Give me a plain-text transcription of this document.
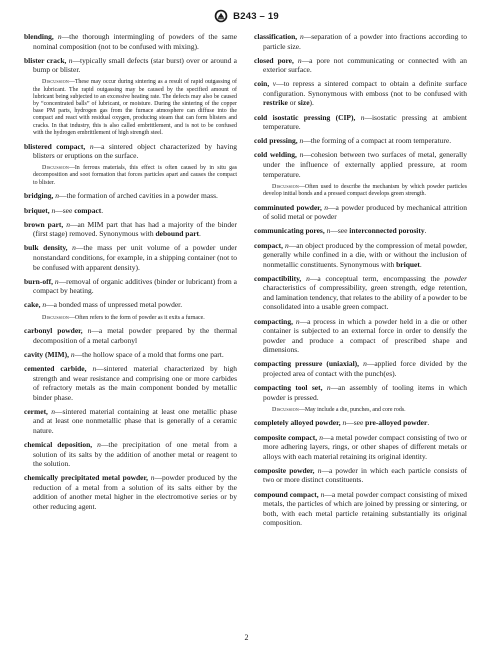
B243 – 19

blending, n—the thorough intermingling of powders of the same nominal composition (not to be confused with mixing).

blister crack, n—typically small defects (star burst) over or around a bump or blister.

Discussion—These may occur during sintering as a result of rapid outgassing of the lubricant. The rapid outgassing may be caused by the specified amount of lubricant being subjected to an excessive heating rate. The defects may also be caused by “concentrated balls” of lubricant, or moisture. During the sintering of the copper base PM parts, hydrogen gas from the furnace atmosphere can diffuse into the compact and react with residual oxygen, producing steam that can form blisters and cracks. In that industry, this is also called embrittlement, and is not to be confused with the hydrogen embrittlement of high strength steel.

blistered compact, n—a sintered object characterized by having blisters or eruptions on the surface.

Discussion—In ferrous materials, this effect is often caused by in situ gas decomposition and soot formation that forces particles apart and causes the compact to blister.

bridging, n—the formation of arched cavities in a powder mass.

briquet, n—see compact.

brown part, n—an MIM part that has had a majority of the binder (first stage) removed. Synonymous with debound part.

bulk density, n—the mass per unit volume of a powder under nonstandard conditions, for example, in a shipping container (not to be confused with apparent density).

burn-off, n—removal of organic additives (binder or lubricant) from a compact by heating.

cake, n—a bonded mass of unpressed metal powder.

Discussion—Often refers to the form of powder as it exits a furnace.

carbonyl powder, n—a metal powder prepared by the thermal decomposition of a metal carbonyl

cavity (MIM), n—the hollow space of a mold that forms one part.

cemented carbide, n—sintered material characterized by high strength and wear resistance and comprising one or more carbides of refractory metals as the main component bonded by metallic binder phase.

cermet, n—sintered material containing at least one metallic phase and at least one nonmetallic phase that is generally of a ceramic nature.

chemical deposition, n—the precipitation of one metal from a solution of its salts by the addition of another metal or reagent to the solution.

chemically precipitated metal powder, n—powder produced by the reduction of a metal from a solution of its salts either by the addition of another metal higher in the electromotive series or by other reducing agent.

classification, n—separation of a powder into fractions according to particle size.

closed pore, n—a pore not communicating or connected with an exterior surface.

coin, v—to repress a sintered compact to obtain a definite surface configuration. Synonymous with emboss (not to be confused with restrike or size).

cold isostatic pressing (CIP), n—isostatic pressing at ambient temperature.

cold pressing, n—the forming of a compact at room temperature.

cold welding, n—cohesion between two surfaces of metal, generally under the influence of externally applied pressure, at room temperature.

Discussion—Often used to describe the mechanism by which powder particles develop initial bonds and a pressed compact develops green strength.

comminuted powder, n—a powder produced by mechanical attrition of solid metal or powder

communicating pores, n—see interconnected porosity.

compact, n—an object produced by the compression of metal powder, generally while confined in a die, with or without the inclusion of nonmetallic constituents. Synonymous with briquet.

compactibility, n—a conceptual term, encompassing the powder characteristics of compressibility, green strength, edge retention, and lamination tendency, that relates to the ability of a powder to be consolidated into a usable green compact.

compacting, n—a process in which a powder held in a die or other container is subjected to an external force in order to densify the powder and produce a compact of prescribed shape and dimensions.

compacting pressure (uniaxial), n—applied force divided by the projected area of contact with the punch(es).

compacting tool set, n—an assembly of tooling items in which powder is pressed.

Discussion—May include a die, punches, and core rods.

completely alloyed powder, n—see pre-alloyed powder.

composite compact, n—a metal powder compact consisting of two or more adhering layers, rings, or other shapes of different metals or alloys with each material retaining its original identity.

composite powder, n—a powder in which each particle consists of two or more distinct constituents.

compound compact, n—a metal powder compact consisting of mixed metals, the particles of which are joined by pressing or sintering, or both, with each metal particle retaining substantially its original composition.

2
